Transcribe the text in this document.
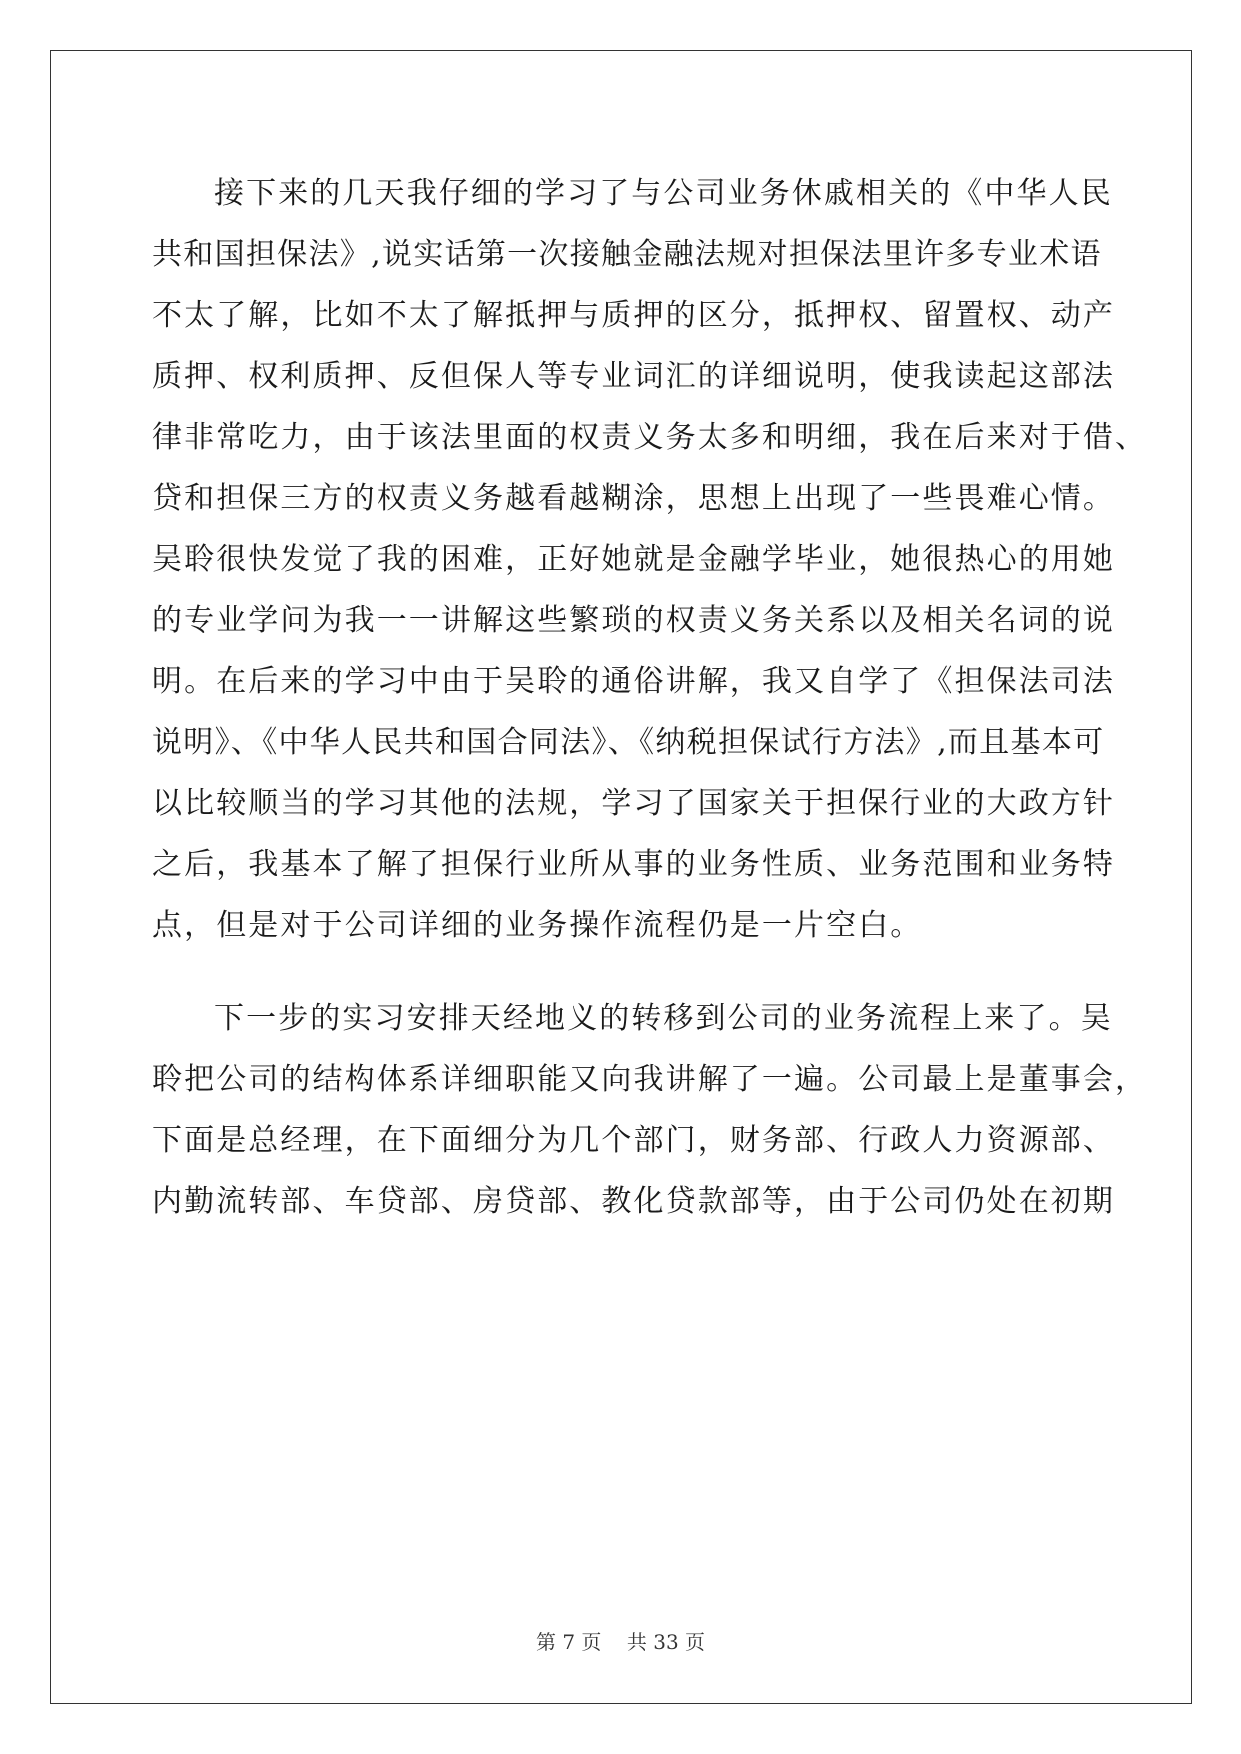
接下来的几天我仔细的学习了与公司业务休戚相关的《中华人民
共和国担保法》,说实话第一次接触金融法规对担保法里许多专业术语
不太了解，比如不太了解抵押与质押的区分，抵押权、留置权、动产
质押、权利质押、反但保人等专业词汇的详细说明，使我读起这部法
律非常吃力，由于该法里面的权责义务太多和明细，我在后来对于借、
贷和担保三方的权责义务越看越糊涂，思想上出现了一些畏难心情。
吴聆很快发觉了我的困难，正好她就是金融学毕业，她很热心的用她
的专业学问为我一一讲解这些繁琐的权责义务关系以及相关名词的说
明。在后来的学习中由于吴聆的通俗讲解，我又自学了《担保法司法
说明》、《中华人民共和国合同法》、《纳税担保试行方法》,而且基本可
以比较顺当的学习其他的法规，学习了国家关于担保行业的大政方针
之后，我基本了解了担保行业所从事的业务性质、业务范围和业务特
点，但是对于公司详细的业务操作流程仍是一片空白。
下一步的实习安排天经地义的转移到公司的业务流程上来了。吴
聆把公司的结构体系详细职能又向我讲解了一遍。公司最上是董事会，
下面是总经理，在下面细分为几个部门，财务部、行政人力资源部、
内勤流转部、车贷部、房贷部、教化贷款部等，由于公司仍处在初期
第 7 页 共 33 页
